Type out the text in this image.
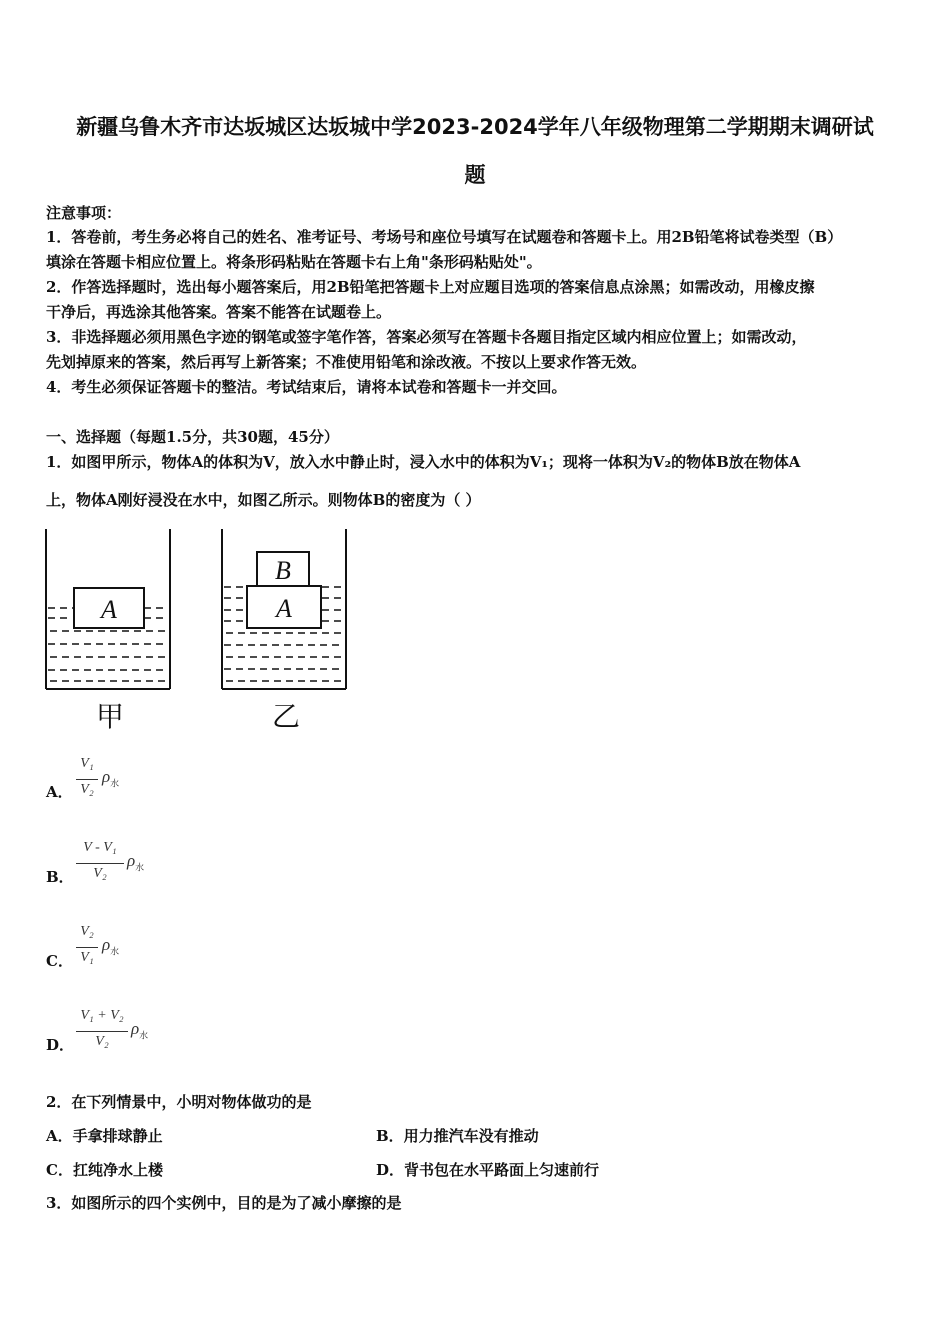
新疆乌鲁木齐市达坂城区达坂城中学2023-2024学年八年级物理第二学期期末调研试
题
注意事项：
1．答卷前，考生务必将自己的姓名、准考证号、考场号和座位号填写在试题卷和答题卡上。用2B铅笔将试卷类型（B）
填涂在答题卡相应位置上。将条形码粘贴在答题卡右上角"条形码粘贴处"。
2．作答选择题时，选出每小题答案后，用2B铅笔把答题卡上对应题目选项的答案信息点涂黑；如需改动，用橡皮擦
干净后，再选涂其他答案。答案不能答在试题卷上。
3．非选择题必须用黑色字迹的钢笔或签字笔作答，答案必须写在答题卡各题目指定区域内相应位置上；如需改动，
先划掉原来的答案，然后再写上新答案；不准使用铅笔和涂改液。不按以上要求作答无效。
4．考生必须保证答题卡的整洁。考试结束后，请将本试卷和答题卡一并交回。
一、选择题（每题1.5分，共30题，45分）
1．如图甲所示，物体A的体积为V，放入水中静止时，浸入水中的体积为V₁；现将一体积为V₂的物体B放在物体A
上，物体A刚好浸没在水中，如图乙所示。则物体B的密度为（ ）
A
B
A
甲	乙
A．
V₁
V₂
$\rho_水$
B．
V - V₁
V₂
$\rho_水$
C．
V₂
V₁
$\rho_水$
D．
V₁ + V₂
V₂
$\rho_水$
2．在下列情景中，小明对物体做功的是
A．手拿排球静止	B．用力推汽车没有推动
C．扛纯净水上楼	D．背书包在水平路面上匀速前行
3．如图所示的四个实例中，目的是为了减小摩擦的是
